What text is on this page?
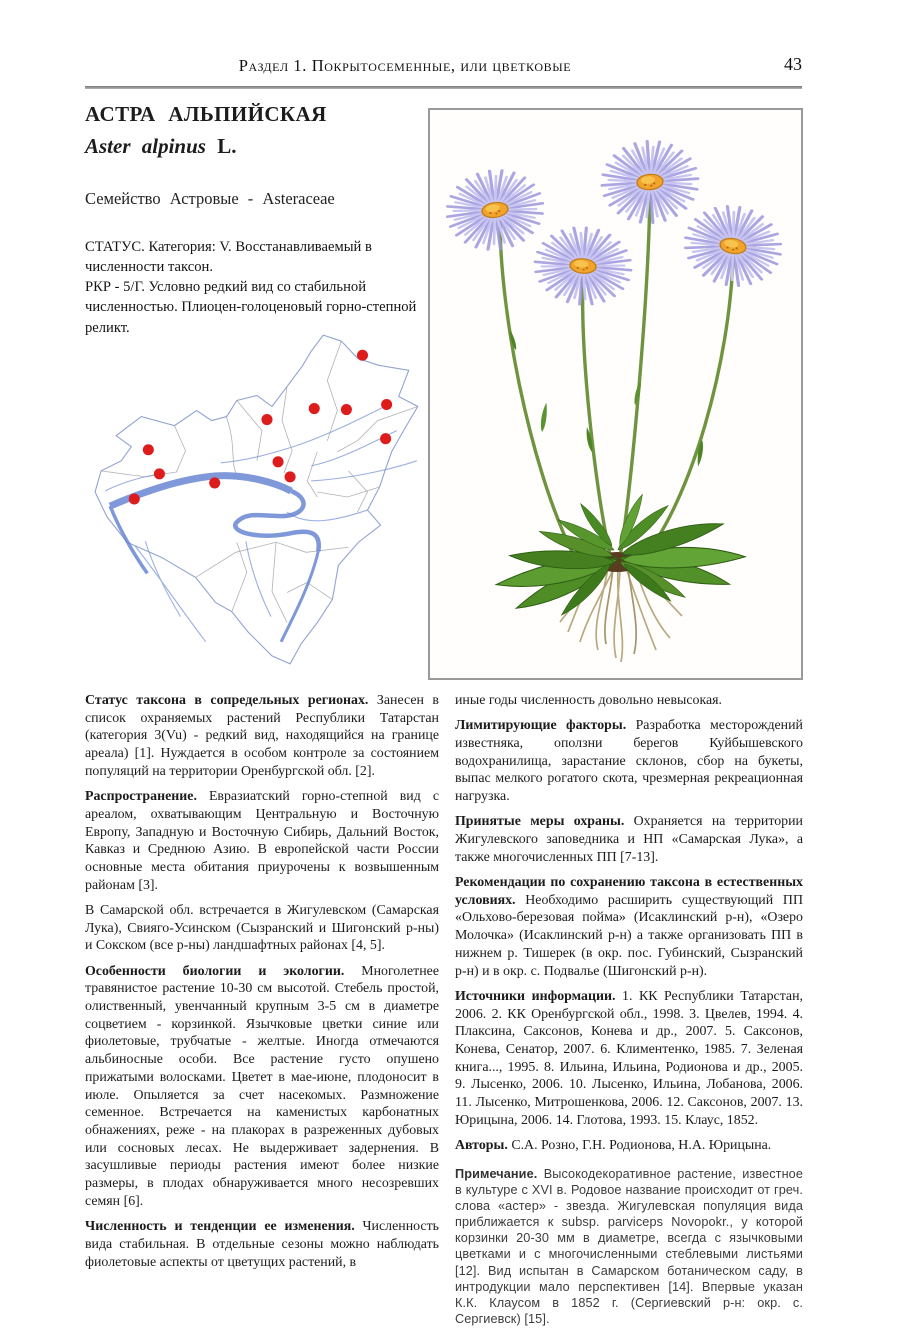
Раздел 1. Покрытосеменные, или цветковые	43
АСТРА АЛЬПИЙСКАЯ

Aster alpinus L.

Семейство Астровые - Asteraceae

СТАТУС. Категория: V. Восстанавливаемый в численности таксон.

РКР - 5/Г. Условно редкий вид со стабильной численностью. Плиоцен-голоценовый горно-степной реликт.

Статус таксона в сопредельных регионах. Занесен в список охраняемых растений Республики Татарстан (категория 3(Vu) - редкий вид, находящийся на границе ареала) [1]. Нуждается в особом контроле за состоянием популяций на территории Оренбургской обл. [2].

Распространение. Евразиатский горно-степной вид с ареалом, охватывающим Центральную и Восточную Европу, Западную и Восточную Сибирь, Дальний Восток, Кавказ и Среднюю Азию. В европейской части России основные места обитания приурочены к возвышенным районам [3].

В Самарской обл. встречается в Жигулевском (Самарская Лука), Свияго-Усинском (Сызранский и Шигонский р-ны) и Сокском (все р-ны) ландшафтных районах [4, 5].

Особенности биологии и экологии. Многолетнее травянистое растение 10-30 см высотой. Стебель простой, олиственный, увенчанный крупным 3-5 см в диаметре соцветием - корзинкой. Язычковые цветки синие или фиолетовые, трубчатые - желтые. Иногда отмечаются альбиносные особи. Все растение густо опушено прижатыми волосками. Цветет в мае-июне, плодоносит в июле. Опыляется за счет насекомых. Размножение семенное. Встречается на каменистых карбонатных обнажениях, реже - на плакорах в разреженных дубовых или сосновых лесах. Не выдерживает задернения. В засушливые периоды растения имеют более низкие размеры, в плодах обнаруживается много несозревших семян [6].

Численность и тенденции ее изменения. Численность вида стабильная. В отдельные сезоны можно наблюдать фиолетовые аспекты от цветущих растений, в

иные годы численность довольно невысокая.

Лимитирующие факторы. Разработка месторождений известняка, оползни берегов Куйбышевского водохранилища, зарастание склонов, сбор на букеты, выпас мелкого рогатого скота, чрезмерная рекреационная нагрузка.

Принятые меры охраны. Охраняется на территории Жигулевского заповедника и НП «Самарская Лука», а также многочисленных ПП [7-13].

Рекомендации по сохранению таксона в естественных условиях. Необходимо расширить существующий ПП «Ольхово-березовая пойма» (Исаклинский р-н), «Озеро Молочка» (Исаклинский р-н) а также организовать ПП в нижнем р. Тишерек (в окр. пос. Губинский, Сызранский р-н) и в окр. с. Подвалье (Шигонский р-н).

Источники информации. 1. КК Республики Татарстан, 2006. 2. КК Оренбургской обл., 1998. 3. Цвелев, 1994. 4. Плаксина, Саксонов, Конева и др., 2007. 5. Саксонов, Конева, Сенатор, 2007. 6. Климентенко, 1985. 7. Зеленая книга..., 1995. 8. Ильина, Ильина, Родионова и др., 2005. 9. Лысенко, 2006. 10. Лысенко, Ильина, Лобанова, 2006. 11. Лысенко, Митрошенкова, 2006. 12. Саксонов, 2007. 13. Юрицына, 2006. 14. Глотова, 1993. 15. Клаус, 1852.

Авторы. С.А. Розно, Г.Н. Родионова, Н.А. Юрицына.

Примечание. Высокодекоративное растение, известное в культуре с XVI в. Родовое название происходит от греч. слова «астер» - звезда. Жигулевская популяция вида приближается к subsp. parviceps Novopokr., у которой корзинки 20-30 мм в диаметре, всегда с язычковыми цветками и с многочисленными стеблевыми листьями [12]. Вид испытан в Самарском ботаническом саду, в интродукции мало перспективен [14]. Впервые указан К.К. Клаусом в 1852 г. (Сергиевский р-н: окр. с. Сергиевск) [15].
